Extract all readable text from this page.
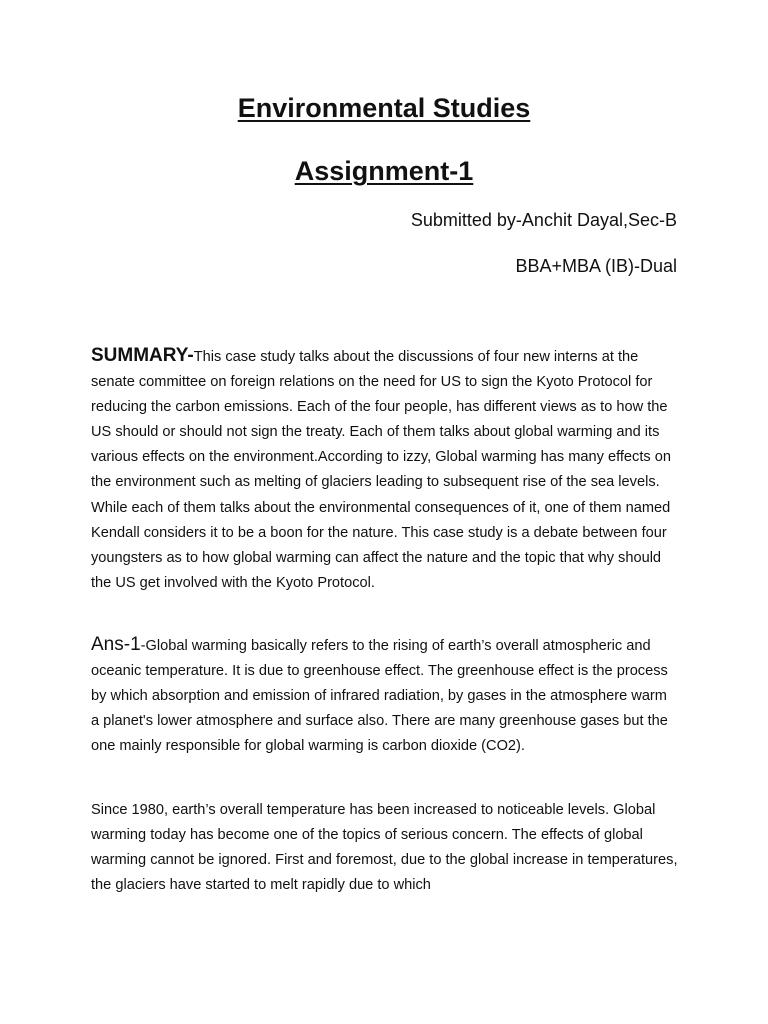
Environmental Studies
Assignment-1
Submitted by-Anchit Dayal,Sec-B
BBA+MBA (IB)-Dual

SUMMARY-This case study talks about the discussions of four new interns at the senate committee on foreign relations on the need for US to sign the Kyoto Protocol for reducing the carbon emissions. Each of the four people, has different views as to how the US should or should not sign the treaty. Each of them talks about global warming and its various effects on the environment.According to izzy, Global warming has many effects on the environment such as melting of glaciers leading to subsequent rise of the sea levels. While each of them talks about the environmental consequences of it, one of them named Kendall considers it to be a boon for the nature. This case study is a debate between four youngsters as to how global warming can affect the nature and the topic that why should the US get involved with the Kyoto Protocol.

Ans-1-Global warming basically refers to the rising of earth’s overall atmospheric and oceanic temperature. It is due to greenhouse effect. The greenhouse effect is the process by which absorption and emission of infrared radiation, by gases in the atmosphere warm a planet's lower atmosphere and surface also. There are many greenhouse gases but the one mainly responsible for global warming is carbon dioxide (CO2).

Since 1980, earth’s overall temperature has been increased to noticeable levels. Global warming today has become one of the topics of serious concern. The effects of global warming cannot be ignored. First and foremost, due to the global increase in temperatures, the glaciers have started to melt rapidly due to which
